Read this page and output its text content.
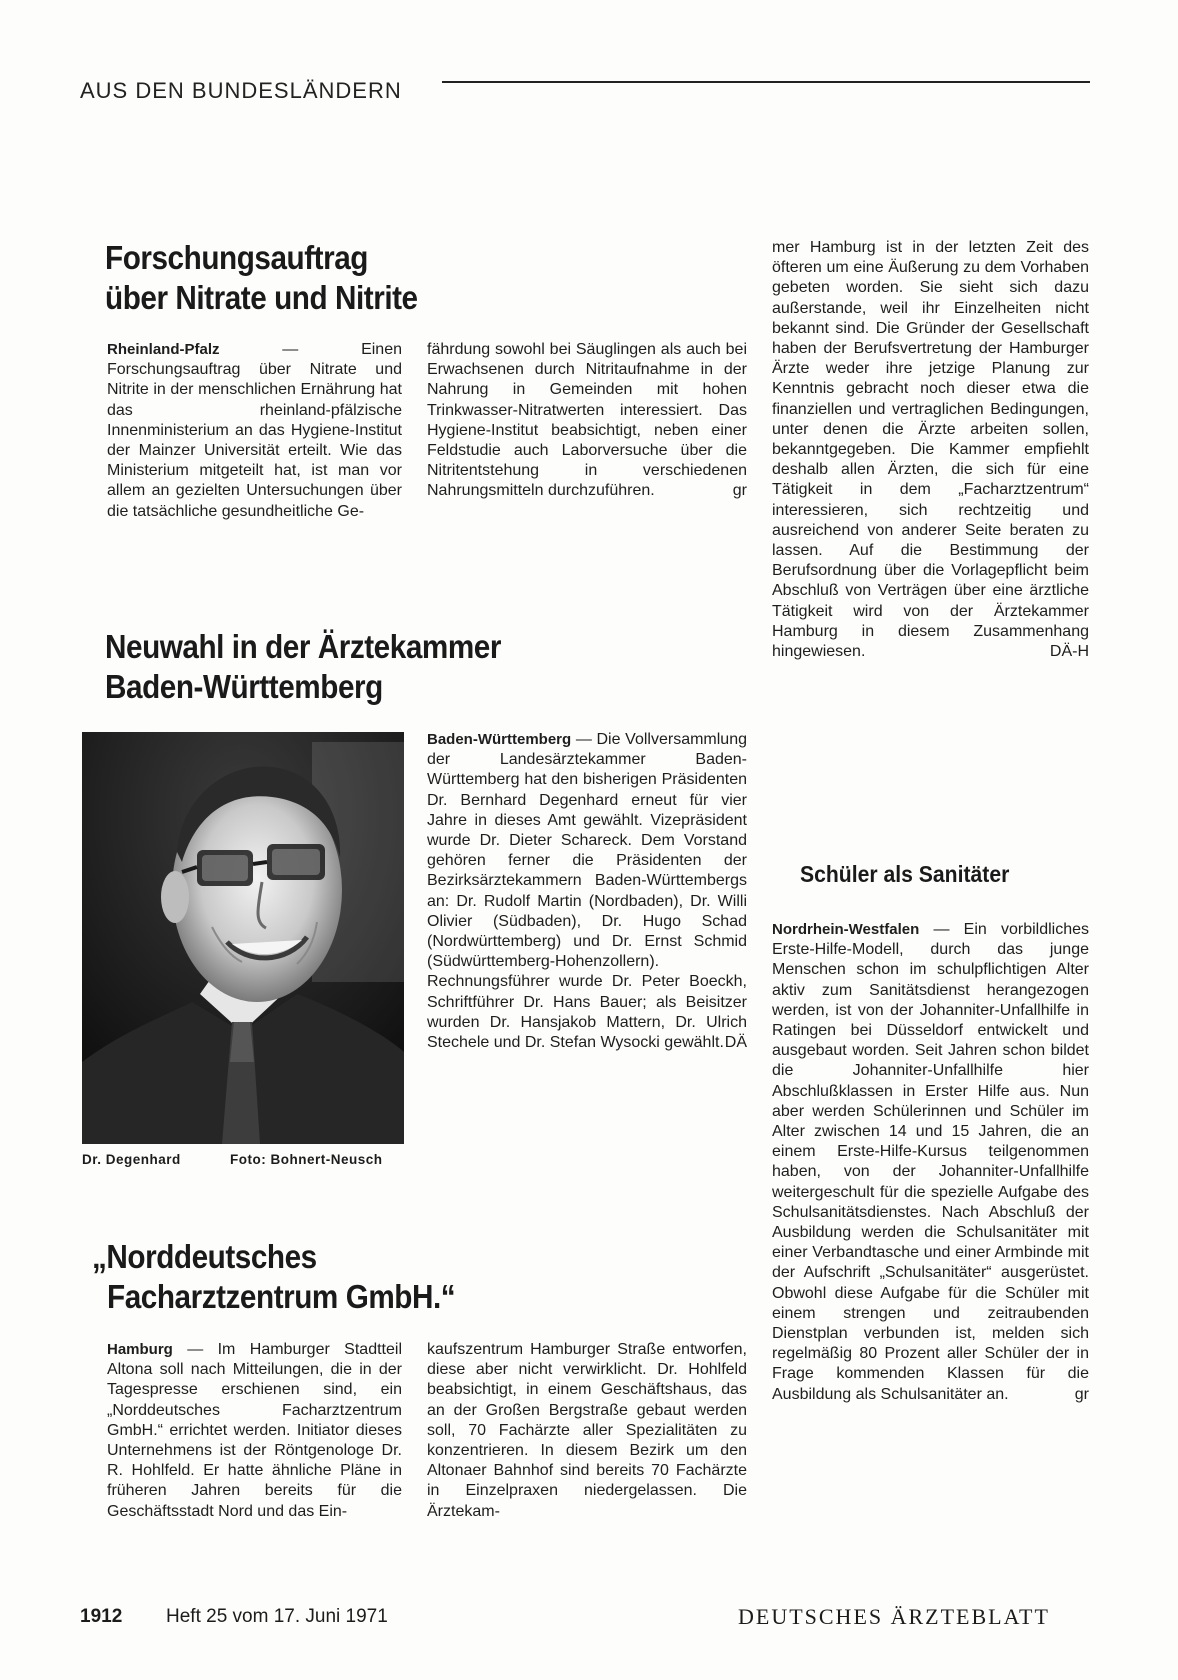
AUS DEN BUNDESLÄNDERN
Forschungsauftrag
über Nitrate und Nitrite
Rheinland-Pfalz — Einen Forschungsauftrag über Nitrate und Nitrite in der menschlichen Ernährung hat das rheinland-pfälzische Innenministerium an das Hygiene-Institut der Mainzer Universität erteilt. Wie das Ministerium mitgeteilt hat, ist man vor allem an gezielten Untersuchungen über die tatsächliche gesundheitliche Ge-
fährdung sowohl bei Säuglingen als auch bei Erwachsenen durch Nitritaufnahme in der Nahrung in Gemeinden mit hohen Trinkwasser-Nitratwerten interessiert. Das Hygiene-Institut beabsichtigt, neben einer Feldstudie auch Laborversuche über die Nitritentstehung in verschiedenen Nahrungsmitteln durchzuführen.	gr
Neuwahl in der Ärztekammer
Baden-Württemberg
Dr. Degenhard	Foto: Bohnert-Neusch
Baden-Württemberg — Die Vollversammlung der Landesärztekammer Baden-Württemberg hat den bisherigen Präsidenten Dr. Bernhard Degenhard erneut für vier Jahre in dieses Amt gewählt. Vizepräsident wurde Dr. Dieter Schareck. Dem Vorstand gehören ferner die Präsidenten der Bezirksärztekammern Baden-Württembergs an: Dr. Rudolf Martin (Nordbaden), Dr. Willi Olivier (Südbaden), Dr. Hugo Schad (Nordwürttemberg) und Dr. Ernst Schmid (Südwürttemberg-Hohenzollern). Rechnungsführer wurde Dr. Peter Boeckh, Schriftführer Dr. Hans Bauer; als Beisitzer wurden Dr. Hansjakob Mattern, Dr. Ulrich Stechele und Dr. Stefan Wysocki gewählt. DÄ
„Norddeutsches
Facharztzentrum GmbH.“
Hamburg — Im Hamburger Stadtteil Altona soll nach Mitteilungen, die in der Tagespresse erschienen sind, ein „Norddeutsches Facharztzentrum GmbH.“ errichtet werden. Initiator dieses Unternehmens ist der Röntgenologe Dr. R. Hohlfeld. Er hatte ähnliche Pläne in früheren Jahren bereits für die Geschäftsstadt Nord und das Ein-
kaufszentrum Hamburger Straße entworfen, diese aber nicht verwirklicht. Dr. Hohlfeld beabsichtigt, in einem Geschäftshaus, das an der Großen Bergstraße gebaut werden soll, 70 Fachärzte aller Spezialitäten zu konzentrieren. In diesem Bezirk um den Altonaer Bahnhof sind bereits 70 Fachärzte in Einzelpraxen niedergelassen. Die Ärztekam-
mer Hamburg ist in der letzten Zeit des öfteren um eine Äußerung zu dem Vorhaben gebeten worden. Sie sieht sich dazu außerstande, weil ihr Einzelheiten nicht bekannt sind. Die Gründer der Gesellschaft haben der Berufsvertretung der Hamburger Ärzte weder ihre jetzige Planung zur Kenntnis gebracht noch dieser etwa die finanziellen und vertraglichen Bedingungen, unter denen die Ärzte arbeiten sollen, bekanntgegeben. Die Kammer empfiehlt deshalb allen Ärzten, die sich für eine Tätigkeit in dem „Facharztzentrum“ interessieren, sich rechtzeitig und ausreichend von anderer Seite beraten zu lassen. Auf die Bestimmung der Berufsordnung über die Vorlagepflicht beim Abschluß von Verträgen über eine ärztliche Tätigkeit wird von der Ärztekammer Hamburg in diesem Zusammenhang hingewiesen.	DÄ-H
Schüler als Sanitäter
Nordrhein-Westfalen — Ein vorbildliches Erste-Hilfe-Modell, durch das junge Menschen schon im schulpflichtigen Alter aktiv zum Sanitätsdienst herangezogen werden, ist von der Johanniter-Unfallhilfe in Ratingen bei Düsseldorf entwickelt und ausgebaut worden. Seit Jahren schon bildet die Johanniter-Unfallhilfe hier Abschlußklassen in Erster Hilfe aus. Nun aber werden Schülerinnen und Schüler im Alter zwischen 14 und 15 Jahren, die an einem Erste-Hilfe-Kursus teilgenommen haben, von der Johanniter-Unfallhilfe weitergeschult für die spezielle Aufgabe des Schulsanitätsdienstes. Nach Abschluß der Ausbildung werden die Schulsanitäter mit einer Verbandtasche und einer Armbinde mit der Aufschrift „Schulsanitäter“ ausgerüstet. Obwohl diese Aufgabe für die Schüler mit einem strengen und zeitraubenden Dienstplan verbunden ist, melden sich regelmäßig 80 Prozent aller Schüler der in Frage kommenden Klassen für die Ausbildung als Schulsanitäter an.	gr
1912 Heft 25 vom 17. Juni 1971	DEUTSCHES ÄRZTEBLATT
